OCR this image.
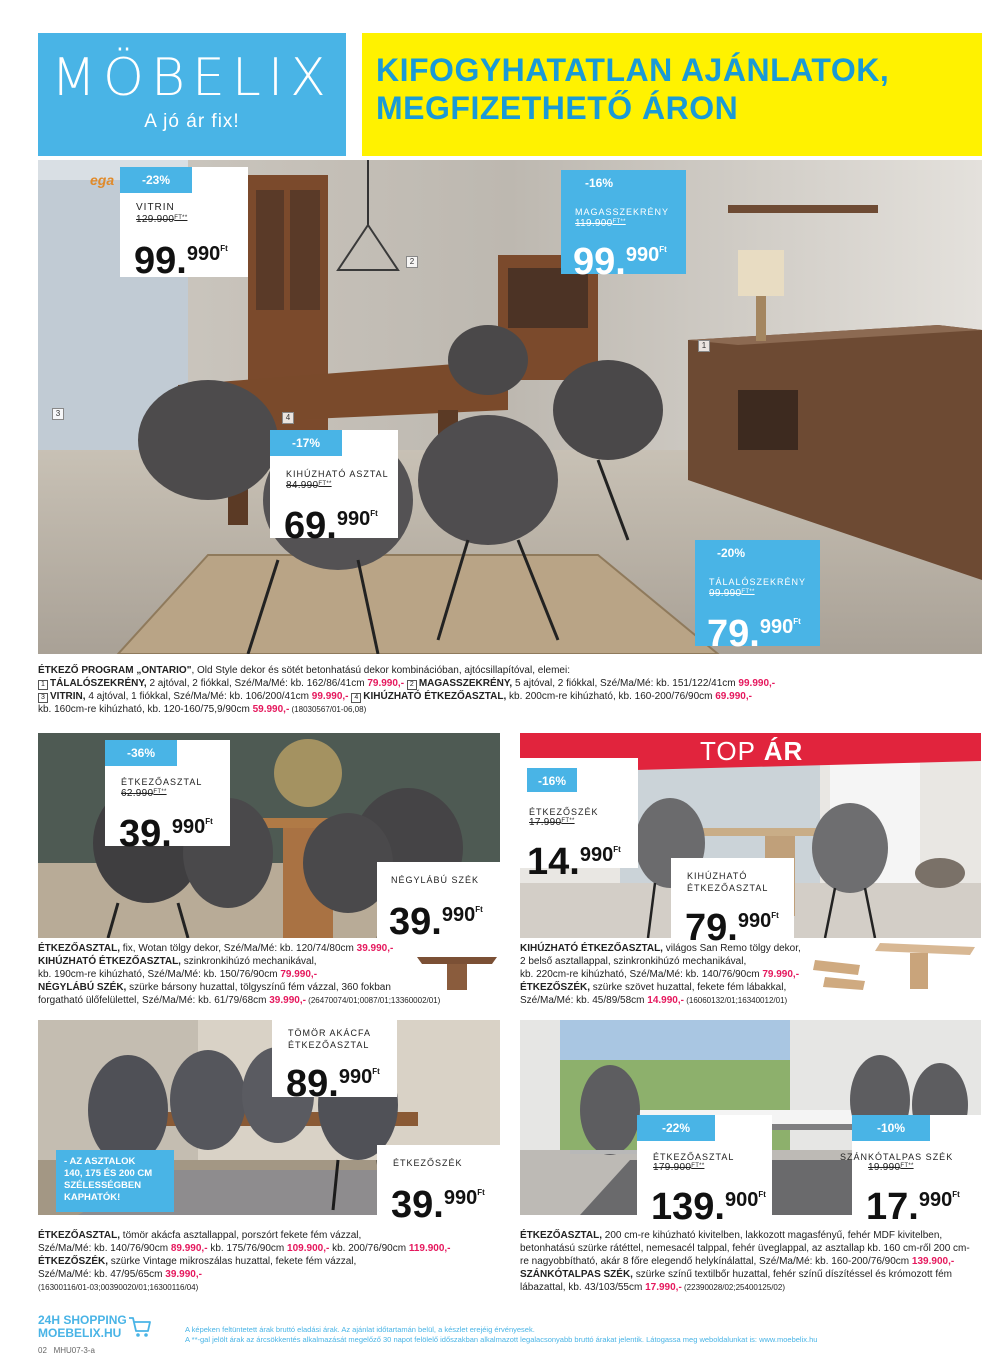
MÖBELIX
A jó ár fix!
KIFOGYHATATLAN AJÁNLATOK,
MEGFIZETHETŐ ÁRON
ega
1
2
3	4
-23%
VITRIN
$129.900^{FT**}$
99.$^{990Ft}$
-16%
MAGASSZEKRÉNY
$119.900^{FT**}$
99.$^{990Ft}$
-17%
KIHÚZHATÓ ASZTAL
$84.990^{FT**}$
69.$^{990Ft}$
-20%
TÁLALÓSZEKRÉNY
$99.990^{FT**}$
79.$^{990Ft}$
ÉTKEZŐ PROGRAM „ONTARIO", Old Style dekor és sötét betonhatású dekor kombinációban, ajtócsillapítóval, elemei:
1 TÁLALÓSZEKRÉNY, 2 ajtóval, 2 fiókkal, Szé/Ma/Mé: kb. 162/86/41cm 79.990,- 2 MAGASSZEKRÉNY, 5 ajtóval, 2 fiókkal, Szé/Ma/Mé: kb. 151/122/41cm 99.990,-
3 VITRIN, 4 ajtóval, 1 fiókkal, Szé/Ma/Mé: kb. 106/200/41cm 99.990,- 4 KIHÚZHATÓ ÉTKEZŐASZTAL, kb. 200cm-re kihúzható, kb. 160-200/76/90cm 69.990,-
kb. 160cm-re kihúzható, kb. 120-160/75,9/90cm 59.990,- (18030567/01-06,08)
-36%
ÉTKEZŐASZTAL
$62.990^{FT**}$
39.$^{990Ft}$
NÉGYLÁBÚ SZÉK
39.$^{990Ft}$
ÉTKEZŐASZTAL, fix, Wotan tölgy dekor, Szé/Ma/Mé: kb. 120/74/80cm 39.990,-
KIHÚZHATÓ ÉTKEZŐASZTAL, szinkronkihúzó mechanikával,
kb. 190cm-re kihúzható, Szé/Ma/Mé: kb. 150/76/90cm 79.990,-
NÉGYLÁBÚ SZÉK, szürke bársony huzattal, tölgyszínű fém vázzal, 360 fokban
forgatható ülőfelülettel, Szé/Ma/Mé: kb. 61/79/68cm 39.990,- (26470074/01;0087/01;13360002/01)
TOP ÁR
-16%
ÉTKEZŐSZÉK
$17.990^{FT**}$
14.$^{990Ft}$
KIHÚZHATÓ
ÉTKEZŐASZTAL
79.$^{990Ft}$
KIHÚZHATÓ ÉTKEZŐASZTAL, világos San Remo tölgy dekor,
2 belső asztallappal, szinkronkihúzó mechanikával,
kb. 220cm-re kihúzható, Szé/Ma/Mé: kb. 140/76/90cm 79.990,-
ÉTKEZŐSZÉK, szürke szövet huzattal, fekete fém lábakkal,
Szé/Ma/Mé: kb. 45/89/58cm 14.990,- (16060132/01;16340012/01)
TÖMÖR AKÁCFA
ÉTKEZŐASZTAL
89.$^{990Ft}$
ÉTKEZŐSZÉK
39.$^{990Ft}$
- AZ ASZTALOK
140, 175 ÉS 200 CM
SZÉLESSÉGBEN
KAPHATÓK!
ÉTKEZŐASZTAL, tömör akácfa asztallappal, porszórt fekete fém vázzal,
Szé/Ma/Mé: kb. 140/76/90cm 89.990,- kb. 175/76/90cm 109.900,- kb. 200/76/90cm 119.900,-
ÉTKEZŐSZÉK, szürke Vintage mikroszálas huzattal, fekete fém vázzal,
Szé/Ma/Mé: kb. 47/95/65cm 39.990,-
(16300116/01-03;00390020/01;16300116/04)
-22%
ÉTKEZŐASZTAL
$179.900^{FT**}$
139.$^{900Ft}$
-10%
SZÁNKÓTALPAS SZÉK
$19.990^{FT**}$
17.$^{990Ft}$
ÉTKEZŐASZTAL, 200 cm-re kihúzható kivitelben, lakkozott magasfényű, fehér MDF kivitelben,
betonhatású szürke rátéttel, nemesacél talppal, fehér üveglappal, az asztallap kb. 160 cm-ről 200 cm-
re nagyobbítható, akár 8 főre elegendő helykínálattal, Szé/Ma/Mé: kb. 160-200/76/90cm 139.900,-
SZÁNKÓTALPAS SZÉK, szürke színű textilbőr huzattal, fehér színű díszítéssel és krómozott fém
lábazattal, kb. 43/103/55cm 17.990,- (22390028/02;25400125/02)
24H SHOPPING
MOEBELIX.HU	A képeken feltüntetett árak bruttó eladási árak. Az ajánlat időtartamán belül, a készlet erejéig érvényesek.
A **-gal jelölt árak az árcsökkentés alkalmazását megelőző 30 napot felölelő időszakban alkalmazott legalacsonyabb bruttó árakat jelentik. Látogassa meg weboldalunkat is: www.moebelix.hu
02 MHU07-3-a
